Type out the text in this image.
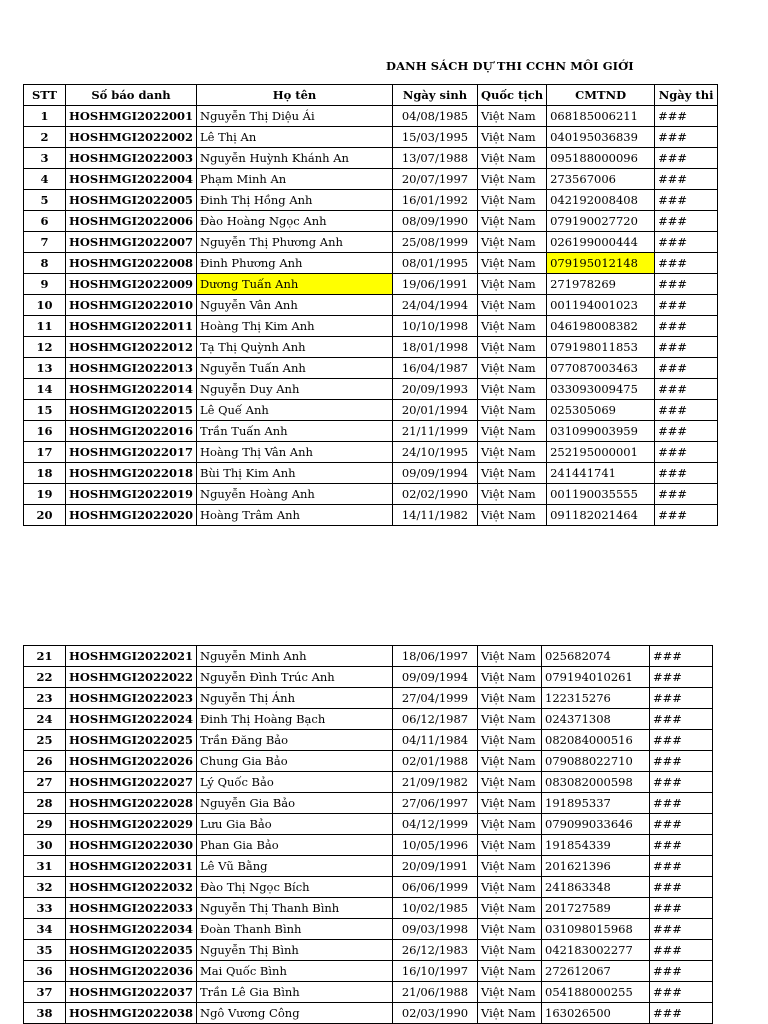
DANH SÁCH DỰ THI CCHN MÔI GIỚI
STT	Số báo danh	Họ tên	Ngày sinh	Quốc tịch	CMTND	Ngày thi
1	HOSHMGI2022001	Nguyễn Thị Diệu Ái	04/08/1985	Việt Nam	068185006211	###
2	HOSHMGI2022002	Lê Thị An	15/03/1995	Việt Nam	040195036839	###
3	HOSHMGI2022003	Nguyễn Huỳnh Khánh An	13/07/1988	Việt Nam	095188000096	###
4	HOSHMGI2022004	Phạm Minh An	20/07/1997	Việt Nam	273567006	###
5	HOSHMGI2022005	Đinh Thị Hồng Anh	16/01/1992	Việt Nam	042192008408	###
6	HOSHMGI2022006	Đào Hoàng Ngọc Anh	08/09/1990	Việt Nam	079190027720	###
7	HOSHMGI2022007	Nguyễn Thị Phương Anh	25/08/1999	Việt Nam	026199000444	###
8	HOSHMGI2022008	Đinh Phương Anh	08/01/1995	Việt Nam	079195012148	###
9	HOSHMGI2022009	Dương Tuấn Anh	19/06/1991	Việt Nam	271978269	###
10	HOSHMGI2022010	Nguyễn Vân Anh	24/04/1994	Việt Nam	001194001023	###
11	HOSHMGI2022011	Hoàng Thị Kim Anh	10/10/1998	Việt Nam	046198008382	###
12	HOSHMGI2022012	Tạ Thị Quỳnh Anh	18/01/1998	Việt Nam	079198011853	###
13	HOSHMGI2022013	Nguyễn Tuấn Anh	16/04/1987	Việt Nam	077087003463	###
14	HOSHMGI2022014	Nguyễn Duy Anh	20/09/1993	Việt Nam	033093009475	###
15	HOSHMGI2022015	Lê Quế Anh	20/01/1994	Việt Nam	025305069	###
16	HOSHMGI2022016	Trần Tuấn Anh	21/11/1999	Việt Nam	031099003959	###
17	HOSHMGI2022017	Hoàng Thị Vân Anh	24/10/1995	Việt Nam	252195000001	###
18	HOSHMGI2022018	Bùi Thị Kim Anh	09/09/1994	Việt Nam	241441741	###
19	HOSHMGI2022019	Nguyễn Hoàng Anh	02/02/1990	Việt Nam	001190035555	###
20	HOSHMGI2022020	Hoàng Trâm Anh	14/11/1982	Việt Nam	091182021464	###
21	HOSHMGI2022021	Nguyễn Minh Anh	18/06/1997	Việt Nam	025682074	###
22	HOSHMGI2022022	Nguyễn Đình Trúc Anh	09/09/1994	Việt Nam	079194010261	###
23	HOSHMGI2022023	Nguyễn Thị Ánh	27/04/1999	Việt Nam	122315276	###
24	HOSHMGI2022024	Đinh Thị Hoàng Bạch	06/12/1987	Việt Nam	024371308	###
25	HOSHMGI2022025	Trần Đăng Bảo	04/11/1984	Việt Nam	082084000516	###
26	HOSHMGI2022026	Chung Gia Bảo	02/01/1988	Việt Nam	079088022710	###
27	HOSHMGI2022027	Lý Quốc Bảo	21/09/1982	Việt Nam	083082000598	###
28	HOSHMGI2022028	Nguyễn Gia Bảo	27/06/1997	Việt Nam	191895337	###
29	HOSHMGI2022029	Lưu Gia Bảo	04/12/1999	Việt Nam	079099033646	###
30	HOSHMGI2022030	Phan Gia Bảo	10/05/1996	Việt Nam	191854339	###
31	HOSHMGI2022031	Lê Vũ Bằng	20/09/1991	Việt Nam	201621396	###
32	HOSHMGI2022032	Đào Thị Ngọc Bích	06/06/1999	Việt Nam	241863348	###
33	HOSHMGI2022033	Nguyễn Thị Thanh Bình	10/02/1985	Việt Nam	201727589	###
34	HOSHMGI2022034	Đoàn Thanh Bình	09/03/1998	Việt Nam	031098015968	###
35	HOSHMGI2022035	Nguyễn Thị Bình	26/12/1983	Việt Nam	042183002277	###
36	HOSHMGI2022036	Mai Quốc Bình	16/10/1997	Việt Nam	272612067	###
37	HOSHMGI2022037	Trần Lê Gia Bình	21/06/1988	Việt Nam	054188000255	###
38	HOSHMGI2022038	Ngô Vương Công	02/03/1990	Việt Nam	163026500	###
